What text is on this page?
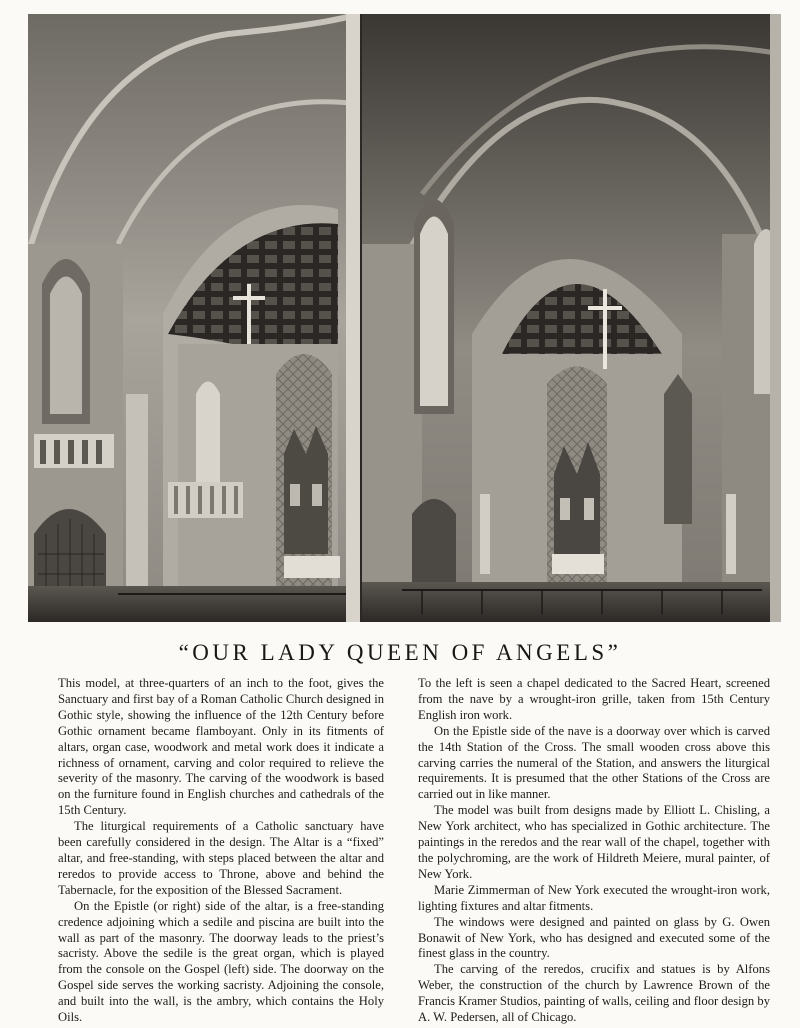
“OUR LADY QUEEN OF ANGELS”

This model, at three-quarters of an inch to the foot, gives the Sanctuary and first bay of a Roman Catholic Church designed in Gothic style, showing the influence of the 12th Century before Gothic ornament became flamboyant. Only in its fitments of altars, organ case, woodwork and metal work does it indicate a richness of ornament, carving and color required to relieve the severity of the masonry. The carving of the woodwork is based on the furniture found in English churches and cathedrals of the 15th Century.

The liturgical requirements of a Catholic sanctuary have been carefully considered in the design. The Altar is a “fixed” altar, and free-standing, with steps placed between the altar and reredos to provide access to Throne, above and behind the Tabernacle, for the exposition of the Blessed Sacrament.

On the Epistle (or right) side of the altar, is a free-standing credence adjoining which a sedile and piscina are built into the wall as part of the masonry. The doorway leads to the priest’s sacristy. Above the sedile is the great organ, which is played from the console on the Gospel (left) side. The doorway on the Gospel side serves the working sacristy. Adjoining the console, and built into the wall, is the ambry, which contains the Holy Oils.

To the left is seen a chapel dedicated to the Sacred Heart, screened from the nave by a wrought-iron grille, taken from 15th Century English iron work.

On the Epistle side of the nave is a doorway over which is carved the 14th Station of the Cross. The small wooden cross above this carving carries the numeral of the Station, and answers the liturgical requirements. It is presumed that the other Stations of the Cross are carried out in like manner.

The model was built from designs made by Elliott L. Chisling, a New York architect, who has specialized in Gothic architecture. The paintings in the reredos and the rear wall of the chapel, together with the polychroming, are the work of Hildreth Meiere, mural painter, of New York.

Marie Zimmerman of New York executed the wrought-iron work, lighting fixtures and altar fitments.

The windows were designed and painted on glass by G. Owen Bonawit of New York, who has designed and executed some of the finest glass in the country.

The carving of the reredos, crucifix and statues is by Alfons Weber, the construction of the church by Lawrence Brown of the Francis Kramer Studios, painting of walls, ceiling and floor design by A. W. Pedersen, all of Chicago.
